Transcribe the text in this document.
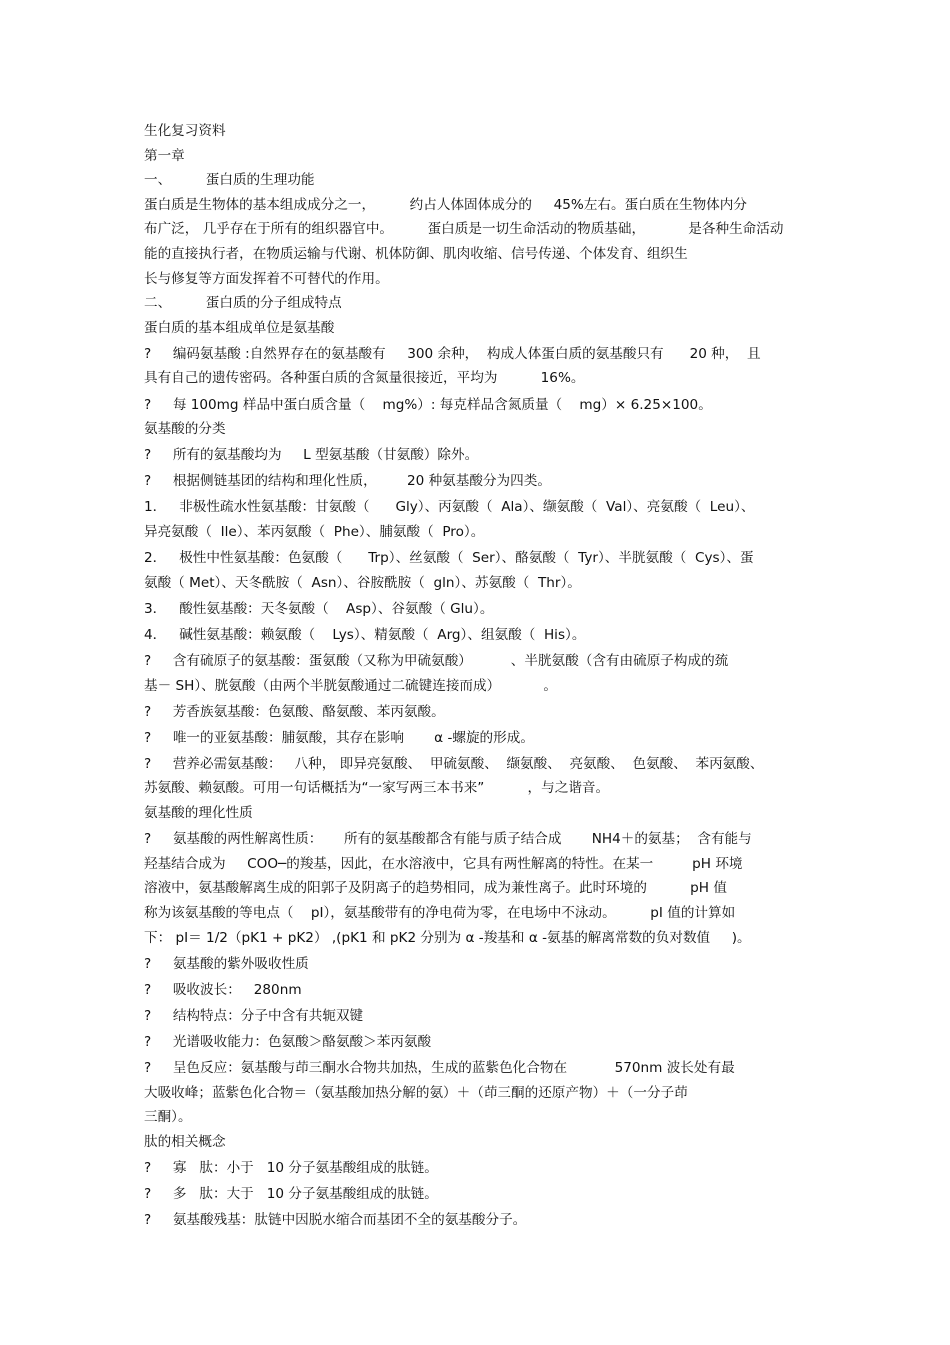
生化复习资料
第一章
一、        蛋白质的生理功能
蛋白质是生物体的基本组成成分之一，        约占人体固体成分的     45%左右。蛋白质在生物体内分
布广泛， 几乎存在于所有的组织器官中。        蛋白质是一切生命活动的物质基础，          是各种生命活动
能的直接执行者，在物质运输与代谢、机体防御、肌肉收缩、信号传递、个体发育、组织生
长与修复等方面发挥着不可替代的作用。
二、        蛋白质的分子组成特点
蛋白质的基本组成单位是氨基酸
?     编码氨基酸 :自然界存在的氨基酸有     300 余种，  构成人体蛋白质的氨基酸只有      20 种，  且
具有自己的遗传密码。各种蛋白质的含氮量很接近，平均为          16%。
?     每 100mg 样品中蛋白质含量（    mg%）: 每克样品含氮质量（    mg）× 6.25×100。
氨基酸的分类
?     所有的氨基酸均为     L 型氨基酸（甘氨酸）除外。
?     根据侧链基团的结构和理化性质，       20 种氨基酸分为四类。
1．   非极性疏水性氨基酸：甘氨酸（      Gly）、丙氨酸（  Ala）、缬氨酸（  Val）、亮氨酸（  Leu）、
异亮氨酸（  Ile）、苯丙氨酸（  Phe）、脯氨酸（  Pro）。
2．   极性中性氨基酸：色氨酸（      Trp）、丝氨酸（  Ser）、酪氨酸（  Tyr）、半胱氨酸（  Cys）、蛋
氨酸（ Met）、天冬酰胺（  Asn）、谷胺酰胺（  gln）、苏氨酸（  Thr）。
3．   酸性氨基酸：天冬氨酸（    Asp）、谷氨酸（ Glu）。
4．   碱性氨基酸：赖氨酸（    Lys）、精氨酸（  Arg）、组氨酸（  His）。
?     含有硫原子的氨基酸：蛋氨酸（又称为甲硫氨酸）         、半胱氨酸（含有由硫原子构成的巯
基－ SH）、胱氨酸（由两个半胱氨酸通过二硫键连接而成）          。
?     芳香族氨基酸：色氨酸、酪氨酸、苯丙氨酸。
?     唯一的亚氨基酸：脯氨酸，其存在影响       α -螺旋的形成。
?     营养必需氨基酸：   八种， 即异亮氨酸、  甲硫氨酸、  缬氨酸、  亮氨酸、  色氨酸、  苯丙氨酸、
苏氨酸、赖氨酸。可用一句话概括为“一家写两三本书来”          ，与之谐音。
氨基酸的理化性质
?     氨基酸的两性解离性质：     所有的氨基酸都含有能与质子结合成       NH4＋的氨基；  含有能与
羟基结合成为     COO─的羧基，因此，在水溶液中，它具有两性解离的特性。在某一         pH 环境
溶液中，氨基酸解离生成的阳郭子及阴离子的趋势相同，成为兼性离子。此时环境的          pH 值
称为该氨基酸的等电点（    pI），氨基酸带有的净电荷为零，在电场中不泳动。        pI 值的计算如
下： pI＝ 1/2（pK1 + pK2） ,(pK1 和 pK2 分别为 α -羧基和 α -氨基的解离常数的负对数值     )。
?     氨基酸的紫外吸收性质
?     吸收波长：   280nm
?     结构特点：分子中含有共轭双键
?     光谱吸收能力：色氨酸＞酪氨酸＞苯丙氨酸
?     呈色反应：氨基酸与茚三酮水合物共加热，生成的蓝紫色化合物在           570nm 波长处有最
大吸收峰；蓝紫色化合物＝（氨基酸加热分解的氨）＋（茚三酮的还原产物）＋（一分子茚
三酮）。
肽的相关概念
?     寡   肽：小于   10 分子氨基酸组成的肽链。
?     多   肽：大于   10 分子氨基酸组成的肽链。
?     氨基酸残基：肽链中因脱水缩合而基团不全的氨基酸分子。
